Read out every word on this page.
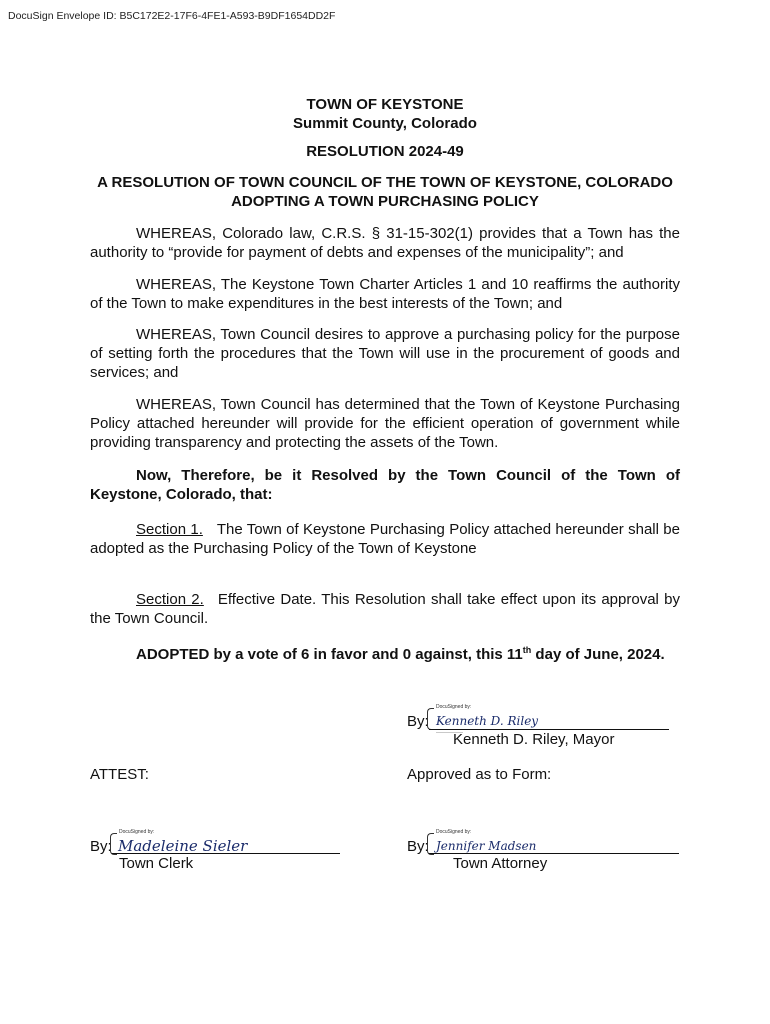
DocuSign Envelope ID: B5C172E2-17F6-4FE1-A593-B9DF1654DD2F
TOWN OF KEYSTONE
Summit County, Colorado
RESOLUTION 2024-49
A RESOLUTION OF TOWN COUNCIL OF THE TOWN OF KEYSTONE, COLORADO
ADOPTING A TOWN PURCHASING POLICY
WHEREAS, Colorado law, C.R.S. § 31-15-302(1) provides that a Town has the authority to “provide for payment of debts and expenses of the municipality”; and
WHEREAS, The Keystone Town Charter Articles 1 and 10 reaffirms the authority of the Town to make expenditures in the best interests of the Town; and
WHEREAS, Town Council desires to approve a purchasing policy for the purpose of setting forth the procedures that the Town will use in the procurement of goods and services; and
WHEREAS, Town Council has determined that the Town of Keystone Purchasing Policy attached hereunder will provide for the efficient operation of government while providing transparency and protecting the assets of the Town.
Now, Therefore, be it Resolved by the Town Council of the Town of Keystone, Colorado, that:
Section 1. The Town of Keystone Purchasing Policy attached hereunder shall be adopted as the Purchasing Policy of the Town of Keystone
Section 2. Effective Date. This Resolution shall take effect upon its approval by the Town Council.
ADOPTED by a vote of 6 in favor and 0 against, this 11th day of June, 2024.
By:
DocuSigned by:
Kenneth D. Riley
——————
Kenneth D. Riley, Mayor
ATTEST:	Approved as to Form:
By:
DocuSigned by:
Madeleine Sieler
Town Clerk
By:
DocuSigned by:
Jennifer Madsen
Town Attorney
